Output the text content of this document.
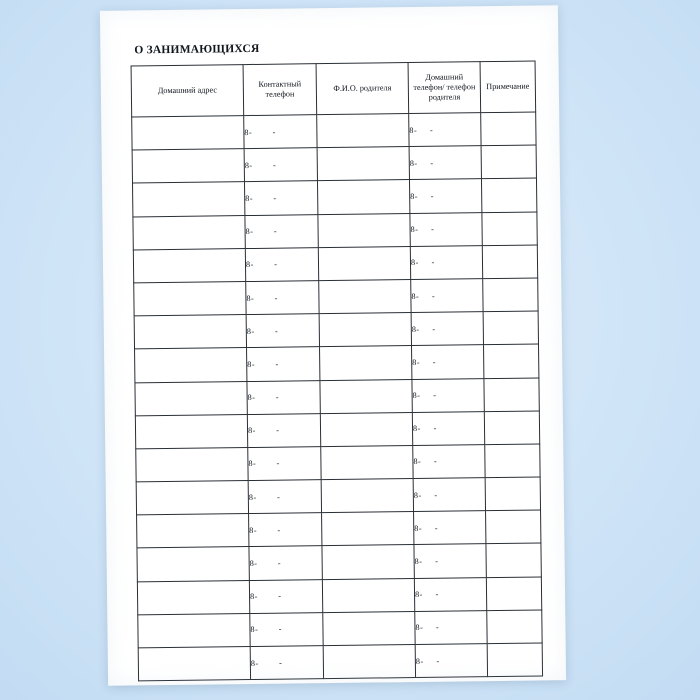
О ЗАНИМАЮЩИХСЯ
Домашний адрес	Контактный телефон	Ф.И.О. родителя	Домашний телефон/ телефон родителя	Примечание
	8-        -		8-     -	
	8-        -		8-     -	
	8-        -		8-     -	
	8-        -		8-     -	
	8-        -		8-     -	
	8-        -		8-     -	
	8-        -		8-     -	
	8-        -		8-     -	
	8-        -		8-     -	
	8-        -		8-     -	
	8-        -		8-     -	
	8-        -		8-     -	
	8-        -		8-     -	
	8-        -		8-     -	
	8-        -		8-     -	
	8-        -		8-     -	
	8-        -		8-     -	
